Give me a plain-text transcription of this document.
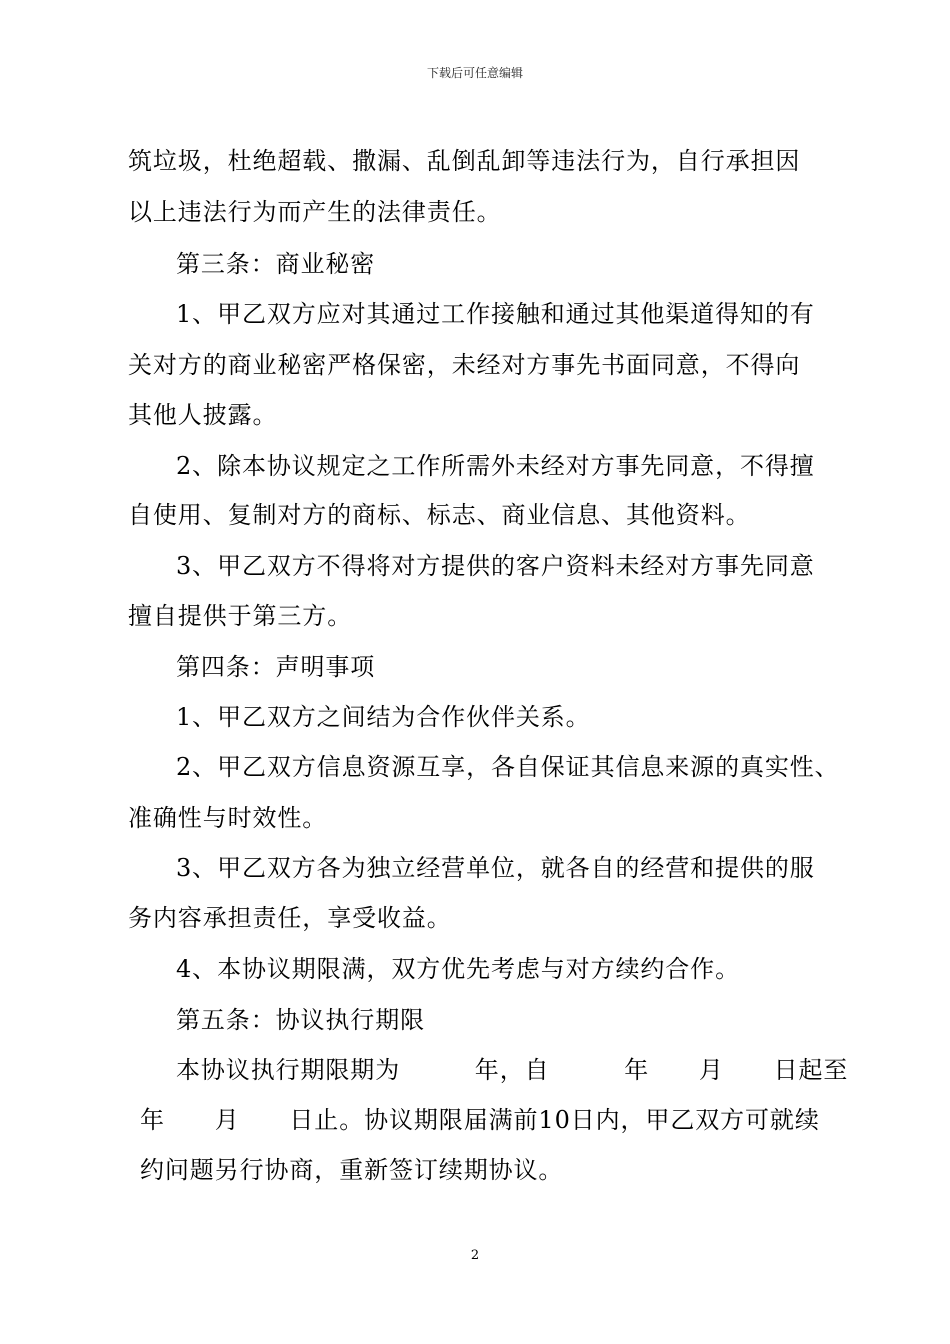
下载后可任意编辑
筑垃圾，杜绝超载、撒漏、乱倒乱卸等违法行为，自行承担因
以上违法行为而产生的法律责任。
第三条：商业秘密
1、甲乙双方应对其通过工作接触和通过其他渠道得知的有
关对方的商业秘密严格保密，未经对方事先书面同意，不得向
其他人披露。
2、除本协议规定之工作所需外未经对方事先同意，不得擅
自使用、复制对方的商标、标志、商业信息、其他资料。
3、甲乙双方不得将对方提供的客户资料未经对方事先同意
擅自提供于第三方。
第四条：声明事项
1、甲乙双方之间结为合作伙伴关系。
2、甲乙双方信息资源互享，各自保证其信息来源的真实性、
准确性与时效性。
3、甲乙双方各为独立经营单位，就各自的经营和提供的服
务内容承担责任，享受收益。
4、本协议期限满，双方优先考虑与对方续约合作。
第五条：协议执行期限
本协议执行期限期为　　　年，自　　　年　　月　　日起至
年　　月　　日止。协议期限届满前10日内，甲乙双方可就续
约问题另行协商，重新签订续期协议。
2
